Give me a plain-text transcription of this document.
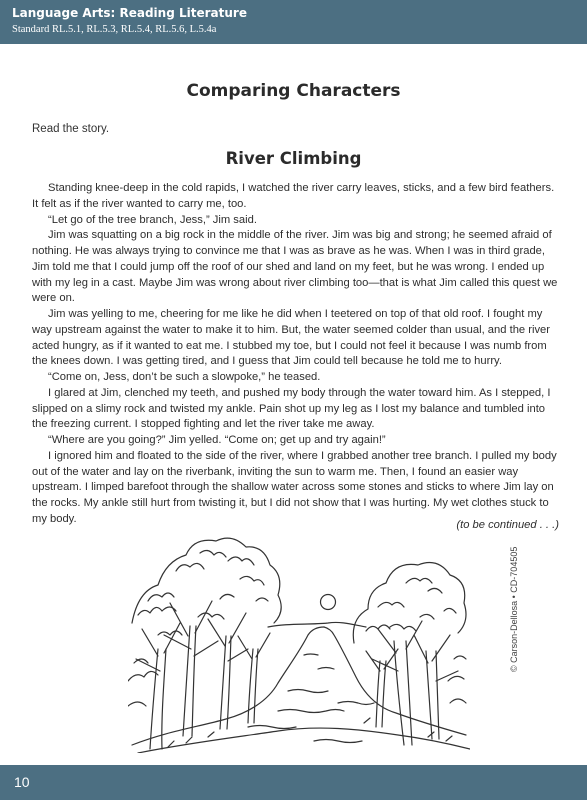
Language Arts: Reading Literature
Standard RL.5.1, RL.5.3, RL.5.4, RL.5.6, L.5.4a
Comparing Characters
Read the story.
River Climbing

Standing knee-deep in the cold rapids, I watched the river carry leaves, sticks, and a few bird feathers. It felt as if the river wanted to carry me, too.

“Let go of the tree branch, Jess,” Jim said.

Jim was squatting on a big rock in the middle of the river. Jim was big and strong; he seemed afraid of nothing. He was always trying to convince me that I was as brave as he was. When I was in third grade, Jim told me that I could jump off the roof of our shed and land on my feet, but he was wrong. I ended up with my leg in a cast. Maybe Jim was wrong about river climbing too—that is what Jim called this quest we were on.

Jim was yelling to me, cheering for me like he did when I teetered on top of that old roof. I fought my way upstream against the water to make it to him. But, the water seemed colder than usual, and the river acted hungry, as if it wanted to eat me. I stubbed my toe, but I could not feel it because I was numb from the knees down. I was getting tired, and I guess that Jim could tell because he told me to hurry.

“Come on, Jess, don’t be such a slowpoke,” he teased.

I glared at Jim, clenched my teeth, and pushed my body through the water toward him. As I stepped, I slipped on a slimy rock and twisted my ankle. Pain shot up my leg as I lost my balance and tumbled into the freezing current. I stopped fighting and let the river take me away.

“Where are you going?” Jim yelled. “Come on; get up and try again!”

I ignored him and floated to the side of the river, where I grabbed another tree branch. I pulled my body out of the water and lay on the riverbank, inviting the sun to warm me. Then, I found an easier way upstream. I limped barefoot through the shallow water across some stones and sticks to where Jim lay on the rocks. My ankle still hurt from twisting it, but I did not show that I was hurting. My wet clothes stuck to my body.

(to be continued . . .)
© Carson-Dellosa • CD-704505
10
